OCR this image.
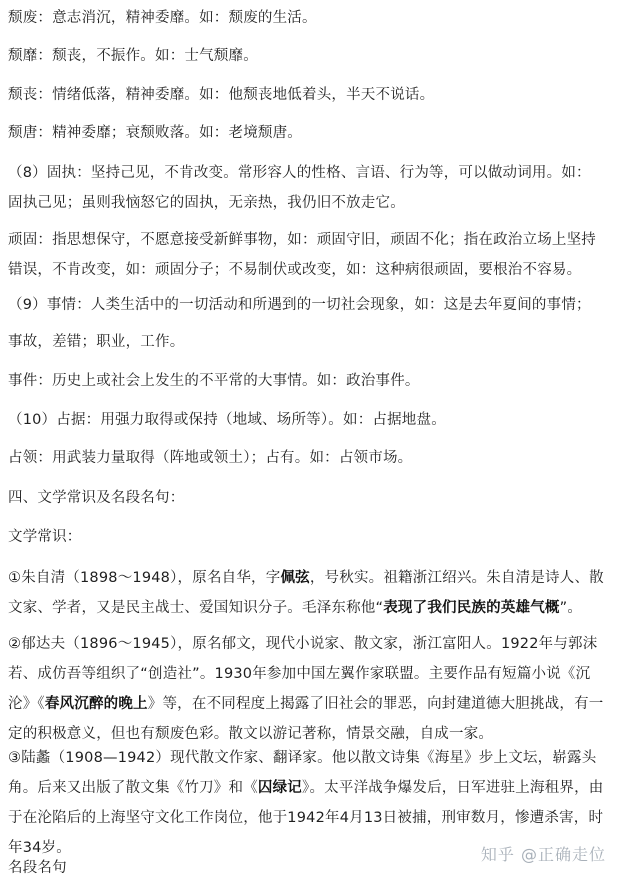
颓废：意志消沉，精神委靡。如：颓废的生活。

颓靡：颓丧，不振作。如：士气颓靡。

颓丧：情绪低落，精神委靡。如：他颓丧地低着头，半天不说话。

颓唐：精神委靡；衰颓败落。如：老境颓唐。

（8）固执：坚持己见，不肯改变。常形容人的性格、言语、行为等，可以做动词用。如：固执己见；虽则我恼怒它的固执，无亲热，我仍旧不放走它。

顽固：指思想保守，不愿意接受新鲜事物，如：顽固守旧，顽固不化；指在政治立场上坚持错误，不肯改变，如：顽固分子；不易制伏或改变，如：这种病很顽固，要根治不容易。

（9）事情：人类生活中的一切活动和所遇到的一切社会现象，如：这是去年夏间的事情；

事故，差错；职业，工作。

事件：历史上或社会上发生的不平常的大事情。如：政治事件。

（10）占据：用强力取得或保持（地域、场所等）。如：占据地盘。

占领：用武装力量取得（阵地或领土）；占有。如：占领市场。

四、文学常识及名段名句：

文学常识：

①朱自清（1898～1948），原名自华，字佩弦，号秋实。祖籍浙江绍兴。朱自清是诗人、散文家、学者，又是民主战士、爱国知识分子。毛泽东称他“表现了我们民族的英雄气概”。

②郁达夫（1896～1945），原名郁文，现代小说家、散文家，浙江富阳人。1922年与郭沫若、成仿吾等组织了“创造社”。1930年参加中国左翼作家联盟。主要作品有短篇小说《沉沦》《春风沉醉的晚上》等，在不同程度上揭露了旧社会的罪恶，向封建道德大胆挑战，有一定的积极意义，但也有颓废色彩。散文以游记著称，情景交融，自成一家。

③陆蠡（1908—1942）现代散文作家、翻译家。他以散文诗集《海星》步上文坛，崭露头角。后来又出版了散文集《竹刀》和《囚绿记》。太平洋战争爆发后，日军进驻上海租界，由于在沦陷后的上海坚守文化工作岗位，他于1942年4月13日被捕，刑审数月，惨遭杀害，时年34岁。

名段名句

知乎 @正确走位
